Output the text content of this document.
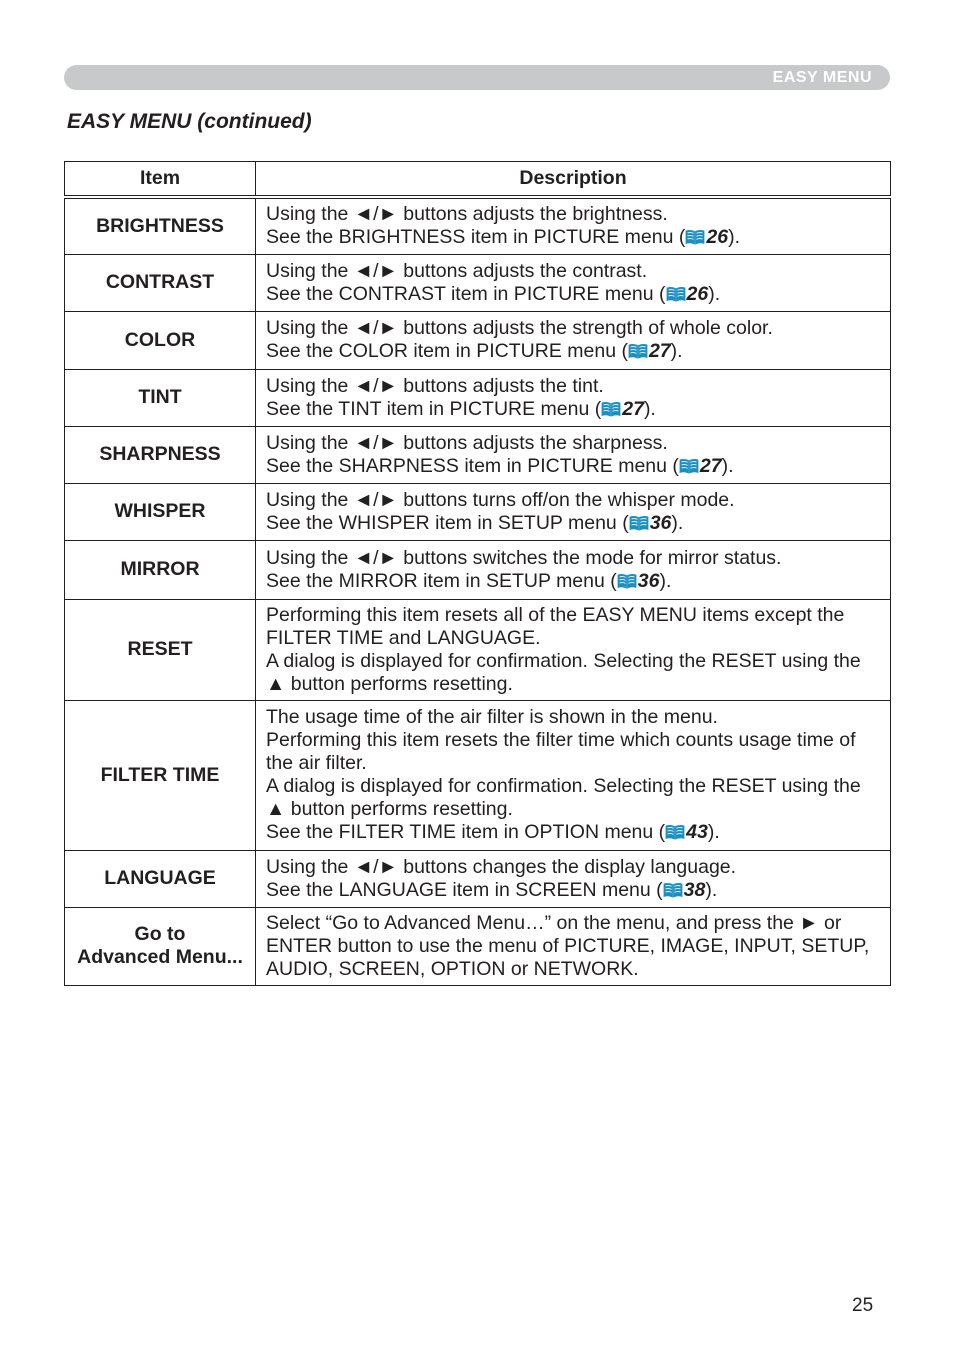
EASY MENU
EASY MENU (continued)
Item	Description
BRIGHTNESS	Using the ◄/► buttons adjusts the brightness.
See the BRIGHTNESS item in PICTURE menu ( 26).

CONTRAST	Using the ◄/► buttons adjusts the contrast.
See the CONTRAST item in PICTURE menu ( 26).

COLOR	Using the ◄/► buttons adjusts the strength of whole color.
See the COLOR item in PICTURE menu ( 27).

TINT	Using the ◄/► buttons adjusts the tint.
See the TINT item in PICTURE menu ( 27).

SHARPNESS	Using the ◄/► buttons adjusts the sharpness.
See the SHARPNESS item in PICTURE menu ( 27).

WHISPER	Using the ◄/► buttons turns off/on the whisper mode.
See the WHISPER item in SETUP menu ( 36).

MIRROR	Using the ◄/► buttons switches the mode for mirror status.
See the MIRROR item in SETUP menu ( 36).

RESET	Performing this item resets all of the EASY MENU items except the FILTER TIME and LANGUAGE.
A dialog is displayed for confirmation. Selecting the RESET using the ▲ button performs resetting.

FILTER TIME	The usage time of the air filter is shown in the menu.
Performing this item resets the filter time which counts usage time of the air filter.
A dialog is displayed for confirmation. Selecting the RESET using the ▲ button performs resetting.
See the FILTER TIME item in OPTION menu ( 43).

LANGUAGE	Using the ◄/► buttons changes the display language.
See the LANGUAGE item in SCREEN menu ( 38).

Go to
Advanced Menu...	Select “Go to Advanced Menu…” on the menu, and press the ► or ENTER button to use the menu of PICTURE, IMAGE, INPUT, SETUP, AUDIO, SCREEN, OPTION or NETWORK.
25
